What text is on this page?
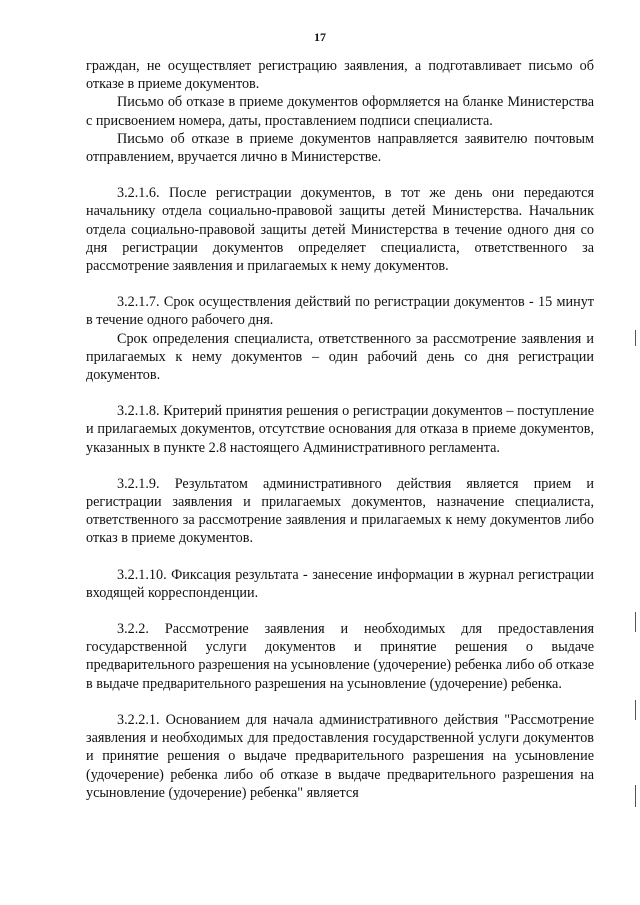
17

граждан, не осуществляет регистрацию заявления, а подготавливает письмо об отказе в приеме документов.

Письмо об отказе в приеме документов оформляется на бланке Министерства с присвоением номера, даты, проставлением подписи специалиста.

Письмо об отказе в приеме документов направляется заявителю почтовым отправлением, вручается лично в Министерстве.

3.2.1.6. После регистрации документов, в тот же день они передаются начальнику отдела социально-правовой защиты детей Министерства. Начальник отдела социально-правовой защиты детей Министерства в течение одного дня со дня регистрации документов определяет специалиста, ответственного за рассмотрение заявления и прилагаемых к нему документов.

3.2.1.7. Срок осуществления действий по регистрации документов - 15 минут в течение одного рабочего дня.

Срок определения специалиста, ответственного за рассмотрение заявления и прилагаемых к нему документов – один рабочий день со дня регистрации документов.

3.2.1.8. Критерий принятия решения о регистрации документов – поступление и прилагаемых документов, отсутствие основания для отказа в приеме документов, указанных в пункте 2.8 настоящего Административного регламента.

3.2.1.9. Результатом административного действия является прием и регистрации заявления и прилагаемых документов, назначение специалиста, ответственного за рассмотрение заявления и прилагаемых к нему документов либо отказ в приеме документов.

3.2.1.10. Фиксация результата - занесение информации в журнал регистрации входящей корреспонденции.

3.2.2. Рассмотрение заявления и необходимых для предоставления государственной услуги документов и принятие решения о выдаче предварительного разрешения на усыновление (удочерение) ребенка либо об отказе в выдаче предварительного разрешения на усыновление (удочерение) ребенка.

3.2.2.1. Основанием для начала административного действия "Рассмотрение заявления и необходимых для предоставления государственной услуги документов и принятие решения о выдаче предварительного разрешения на усыновление (удочерение) ребенка либо об отказе в выдаче предварительного разрешения на усыновление (удочерение) ребенка" является
